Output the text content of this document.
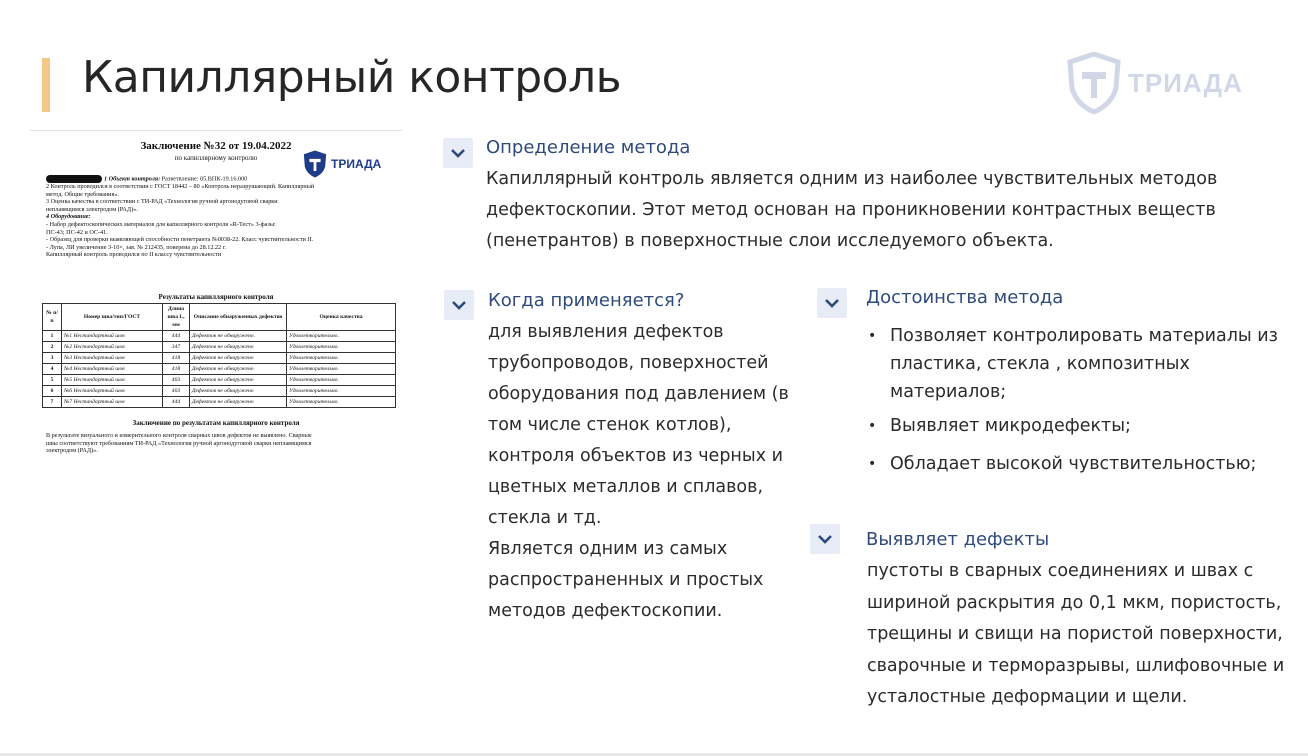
Капиллярный контроль	ТРИАДА
Заключение №32 от 19.04.2022
по капиллярному контролю	ТРИАДА
1 Объект контроля: Разветвление: 05.ВПК-19.16.000
2 Контроль проводился в соответствии с ГОСТ 18442 – 80 «Контроль неразрушающий. Капиллярный
метод. Общие требования».
3 Оценка качества в соответствии с ТИ-РАД «Технология ручной аргонодуговой сварки
неплавящимся электродом (РАД)».
4 Оборудование:
- Набор дефектоскопических материалов для капиллярного контроля «R-Тест» 3-фазы:
ПС-43; ПС-42 и ОС-41.
- Образец для проверки выявляющей способности пенетранта №0038-22. Класс чувствительности II.
- Лупа, ЛИ увеличение 3-10×, зав. № 212435, поверена до 28.12.22 г.
Капиллярный контроль проводился по II классу чувствительности
Результаты капиллярного контроля
№ п/п	Номер шва/тип/ГОСТ	Длина шва L, мм	Описание обнаруженных дефектов	Оценка качества
1	№1 Нестандартный шов	444	Дефектов не обнаружено.	Удовлетворительно.
2	№2 Нестандартный шов	347	Дефектов не обнаружено	Удовлетворительно.
3	№3 Нестандартный шов	418	Дефектов не обнаружено	Удовлетворительно.
4	№4 Нестандартный шов	418	Дефектов не обнаружено	Удовлетворительно.
5	№5 Нестандартный шов	403	Дефектов не обнаружено	Удовлетворительно.
6	№6 Нестандартный шов	403	Дефектов не обнаружено	Удовлетворительно.
7	№7 Нестандартный шов	444	Дефектов не обнаружено	Удовлетворительно.
Заключение по результатам капиллярного контроля
В результате визуального и измерительного контроля сварных швов дефектов не выявлено. Сварные
швы соответствуют требованиям ТИ-РАД «Технология ручной аргонодуговой сварки неплавящимся
электродом (РАД)».
Определение метода
Капиллярный контроль является одним из наиболее чувствительных методов
дефектоскопии. Этот метод основан на проникновении контрастных веществ
(пенетрантов) в поверхностные слои исследуемого объекта.
Когда применяется?
для выявления дефектов
трубопроводов, поверхностей
оборудования под давлением (в
том числе стенок котлов),
контроля объектов из черных и
цветных металлов и сплавов,
стекла и тд.
Является одним из самых
распространенных и простых
методов дефектоскопии.
Достоинства метода
• Позволяет контролировать материалы из
пластика, стекла , композитных
материалов;
• Выявляет микродефекты;
• Обладает высокой чувствительностью;
Выявляет дефекты
пустоты в сварных соединениях и швах с
шириной раскрытия до 0,1 мкм, пористость,
трещины и свищи на пористой поверхности,
сварочные и терморазрывы, шлифовочные и
усталостные деформации и щели.
